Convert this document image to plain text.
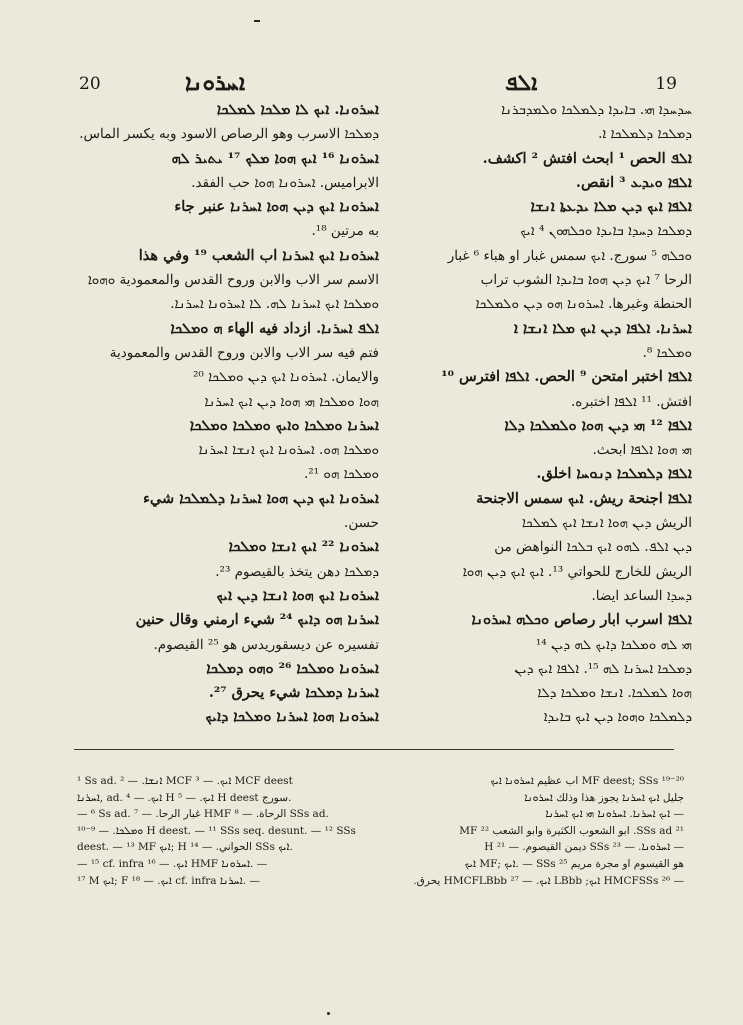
20	ܐܚܪܘܢܐ	ܐܠܦ	19
ܚܕܚܕܐ ܗܝ. ܒܐܝܕܐ ܕܠܡܠܟܐ ܘܠܡܕܒܪܢܐ
ܕܡܠܟܐ ܕܠܡܠܟܐ ܐ.
ܐܠܦ الحص ¹ ابحث افتش ² اكشف.
ܐܠܦܐ ܘܝܕܥ ³ انقص.
ܐܠܦܐ ܐܝܟ ܕܝܢ ܡܠܐ ܝܕܥܬܐ ܐܢܫܐ
ܕܡܠܟܐ ܕܚܕܐ ܒܐܝܕܐ ܘܟܠܗܘܢ ⁴ ܐܝܟ
ܘܟܠܗ ⁵ سورج. ܐܝܟ سمس غبار او هباء ⁶ غبار
الرحا ⁷ ܐܝܟ ܕܝܢ ܗܘܐ ܒܐܝܕܐ الشوب تراب
الحنطة وغبرها. ܐܚܪܘܢܐ ܗܘ ܕܝܢ ܘܠܡܠܟܐ
ܐܚܪܢܐ. ܐܠܦܐ ܕܝܢ ܐܝܟ ܡܠܐ ܐܢܫܐ ܐ
ܘܡܠܟܐ ⁸.
ܐܠܦܐ اختبر امتحن ⁹ الحص. ܐܠܦܐ افترس ¹⁰
افتش. ¹¹ ܐܠܦܐ اختبره.
ܐܠܦܐ ¹² ܗܝ ܕܝܢ ܗܘܐ ܘܠܡܠܟܐ ܕܠܐ
ܗܝ ܗܘܐ ܐܠܦܐ ابحث.
ܐܠܦܐ ܕܠܡܠܟܐ ܕܢܘܚܐ اخلق.
ܐܠܦܐ اجنحة ريش. ܐܝܟ سمس الاجنحة
الريش ܕܝܢ ܗܘܐ ܐܢܫܐ ܐܝܟ ܠܡܠܟܐ
ܕܝܢ ܐܠܦ. ܠܗܘ ܐܝܟ ܒܠܟܐ النواهض من
الريش للخارج للحواتي ¹³. ܐܝܟ ܐܝܟ ܕܝܢ ܗܘܐ
ܕܚܕܐ الساعد ايضا.
ܐܠܦܐ اسرب ابار رصاص ܘܟܠܗ ܐܚܪܘܢܐ
ܗܝ ܠܗ ܘܡܠܟܐ ܕܐܝܟ ܠܗ ܕܝܢ ¹⁴
ܕܡܠܟܐ ܐܚܪܢܐ ܠܗ ¹⁵. ܐܠܦܐ ܐܝܟ ܕܝܢ
ܗܘܐ ܠܡܠܟܐ. ܐܢܫܐ ܘܡܠܟܐ ܕܠܐ
ܕܠܡܠܟܐ ܘܗܘܐ ܕܝܢ ܐܝܟ ܒܐܝܕܐ
ܐܚܪܘܢܐ. ܐܝܟ ܠܐ ܡܠܟܐ ܠܡܠܟܐ
ܕܡܠܟܐ الاسرب وهو الرصاص الاسود وبه يكسر الماس.
ܐܚܪܘܢܐ ¹⁶ ܐܝܟ ܗܘܐ ܡܠܟ ¹⁷ ܝܬܝܪ ܠܗ
الابراميس. ܐܚܪܘܢܐ ܗܘܐ حب الفقد.
ܐܚܪܘܢܐ ܐܝܟ ܕܝܢ ܗܘܐ ܐܚܪܢܐ عنبر جاء
به مرتين ¹⁸.
ܐܚܪܘܢܐ ܐܝܟ ܐܚܪܢܐ اب الشعب ¹⁹ وفي هذا
الاسم سر الاب والابن وروح القدس والمعمودية ܘܗܘܐ
ܘܡܠܟܐ ܐܝܟ ܐܚܪܢܐ ܠܗ. ܠܐ ܐܚܪܘܢܐ ܐܚܪܢܐ.
ܐܠܦ ܐܚܪܢܐ. ازداد فيه الهاء ܗ ܘܡܠܟܐ
فتم فيه سر الاب والابن وروح القدس والمعمودية
والايمان. ܐܚܪܘܢܐ ܐܝܟ ܕܝܢ ܘܡܠܟܐ ²⁰
ܗܘܐ ܘܡܠܟܐ ܗܝ ܗܘܐ ܕܝܢ ܐܝܟ ܐܚܪܢܐ
ܐܚܪܢܐ ܘܡܠܟܐ ܘܐܝܟ ܘܡܠܟܐ ܘܡܠܟܐ
ܘܡܠܟܐ ܗܘ. ܐܚܪܘܢܐ ܐܝܟ ܐܢܫܐ ܐܚܪܢܐ
ܘܡܠܟܐ ܗܘ ²¹.
ܐܚܪܘܢܐ ܐܝܟ ܕܝܢ ܗܘܐ ܐܚܪܢܐ ܕܠܡܠܟܐ شيء
حسن.
ܐܚܪܘܢܐ ²² ܐܝܟ ܐܢܫܐ ܘܡܠܟܐ
ܕܡܠܟܐ دهن يتخذ بالقيصوم ²³.
ܐܚܪܘܢܐ ܐܝܟ ܗܘܐ ܐܢܫܐ ܕܝܢ ܐܝܟ
ܐܚܪܢܐ ܗܘ ܕܐܝܟ ²⁴ شيء ارمني وقال حنين
تفسيره عن ديسقوريدس هو ²⁵ القيصوم.
ܐܚܪܘܢܐ ܘܡܠܟܐ ²⁶ ܘܗܘ ܕܡܠܟܐ
ܐܚܪܢܐ ܕܡܠܟܐ شيء يحرق ²⁷.
ܐܚܪܘܢܐ ܗܘܐ ܐܚܪܢܐ ܘܡܠܟܐ ܕܐܝܟ
¹ Ss ad. ܐܢܫܐ. — ² MCF ܐܝܟ. — ³ MCF deest
ܐܚܪܢܐ, ad. ܐܝܟ. — ⁴ H ܐܝܟ. — ⁵ H deest سورج.
— ⁶ Ss ad. غبار الرحا. — ⁷ HMF الرحاة. — ⁸ SSs ad.
ܘܡܠܟܐ. — ⁹⁻¹⁰ H deest. — ¹¹ SSs seq. desunt. — ¹² SSs
deest. — ¹³ MF ܐܝܟ; H الحواني. — ¹⁴ SSs ܐܝܟ.
— ¹⁵ cf. infra ܐܝܟ. — ¹⁶ HMF ܐܚܪܘܢܐ. —
¹⁷ M ܐܝܟ; F ܐܝܟ. — ¹⁸ cf. infra ܐܚܪܢܐ. —
¹⁹⁻²⁰ MF deest; SSs اب عظيم ܐܚܪܘܢܐ ܐܝܟ
جليل ܐܝܟ ܐܚܪܢܐ يجوز هذا وذلك ܐܚܪܘܢܐ
— ܐܝܟ ܐܚܪܢܐ. ܐܚܪܘܢܐ ܗܝ ܐܝܟ ܐܚܪܢܐ
²¹ SSs ad. ابو الشعوب الكثيرة وابو الشعب ²² MF
— ܐܚܪܘܢܐ. — ²³ SSs ديمن القيصوم. — ²¹ H
هو القيسوم او مجرة مريم SSs ²⁵ — .ܐܝܟ ;MF ܐܝܟ
— ²⁶ HMCFSSs ܐܝܟ; LBbb ܐܝܟ. — ²⁷ HMCFLBbb يحرق.
